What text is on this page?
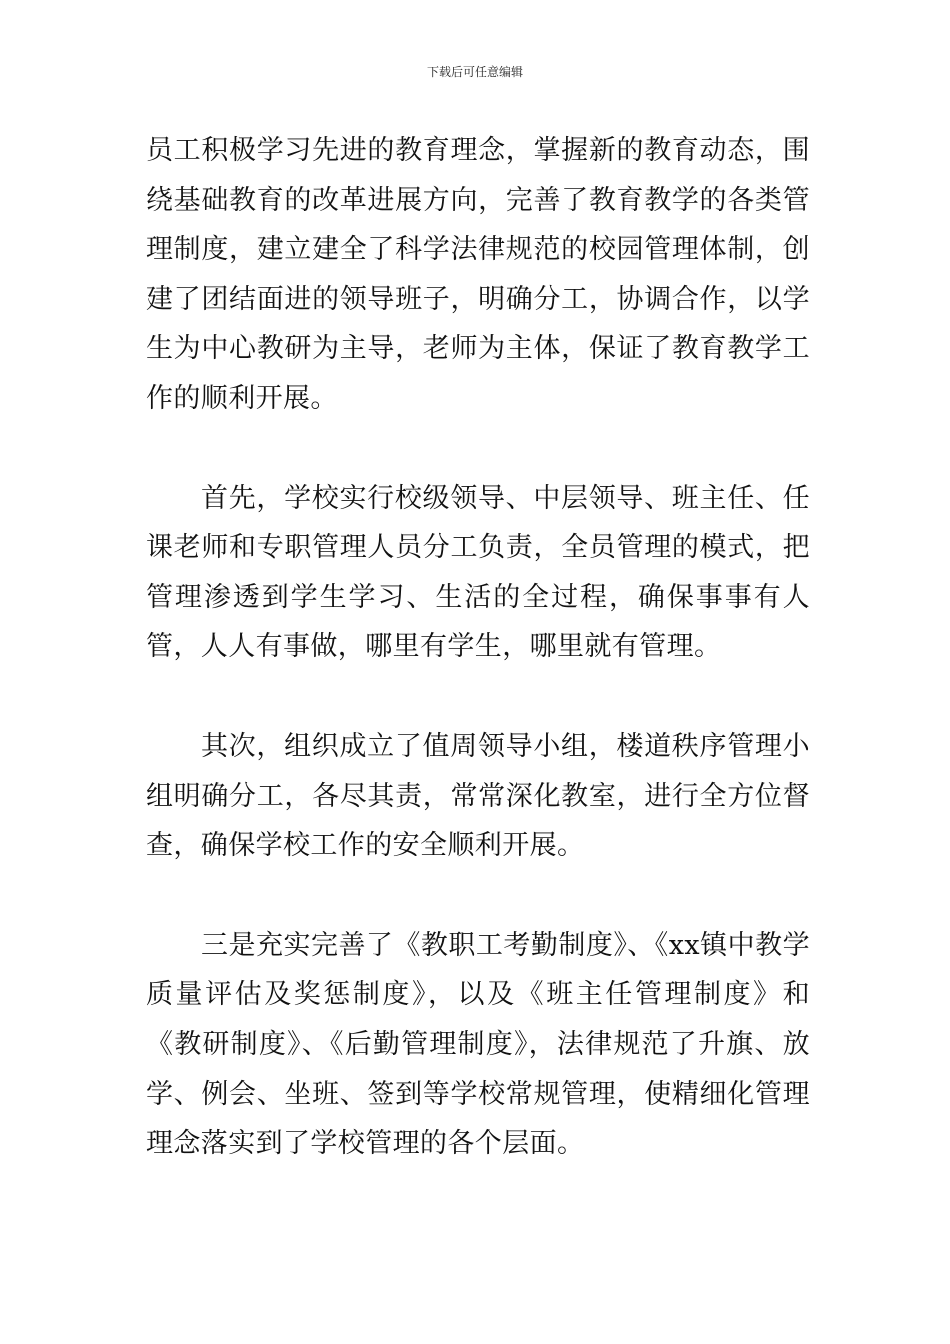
下载后可任意编辑

员工积极学习先进的教育理念，掌握新的教育动态，围绕基础教育的改革进展方向，完善了教育教学的各类管理制度，建立建全了科学法律规范的校园管理体制，创建了团结面进的领导班子，明确分工，协调合作，以学生为中心教研为主导，老师为主体，保证了教育教学工作的顺利开展。

首先，学校实行校级领导、中层领导、班主任、任课老师和专职管理人员分工负责，全员管理的模式，把管理渗透到学生学习、生活的全过程，确保事事有人管，人人有事做，哪里有学生，哪里就有管理。

其次，组织成立了值周领导小组，楼道秩序管理小组明确分工，各尽其责，常常深化教室，进行全方位督查，确保学校工作的安全顺利开展。

三是充实完善了《教职工考勤制度》、《xx镇中教学质量评估及奖惩制度》，以及《班主任管理制度》和《教研制度》、《后勤管理制度》，法律规范了升旗、放学、例会、坐班、签到等学校常规管理，使精细化管理理念落实到了学校管理的各个层面。
